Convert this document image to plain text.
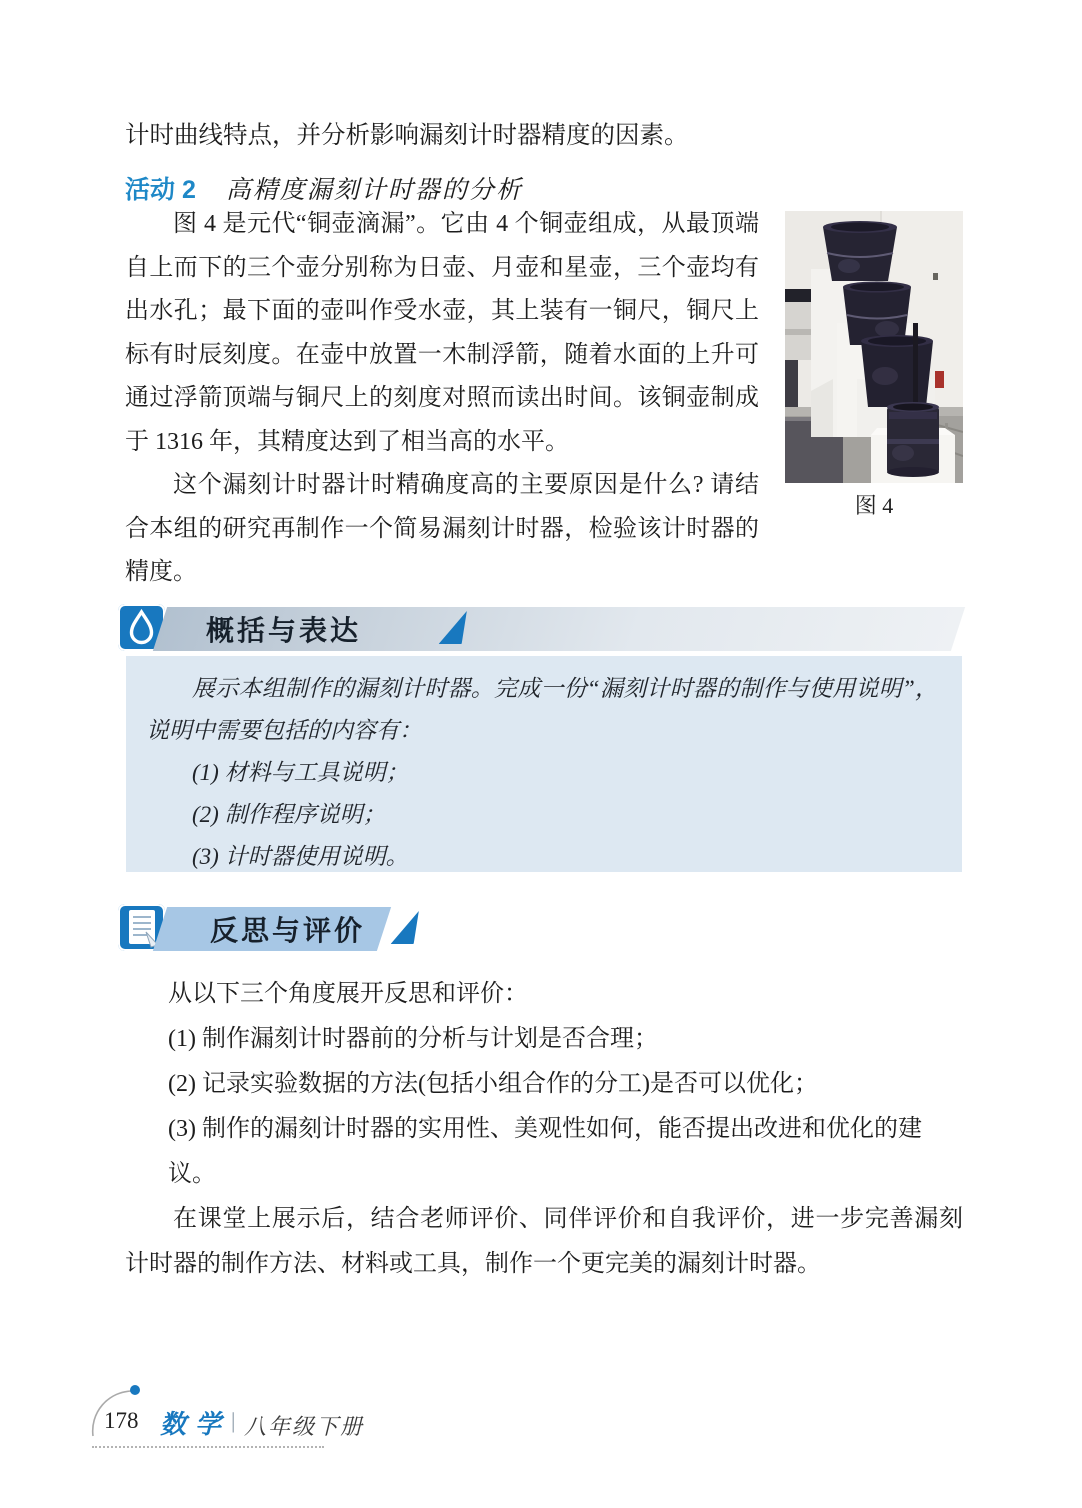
计时曲线特点，并分析影响漏刻计时器精度的因素。
活动 2 高精度漏刻计时器的分析
图 4

图 4 是元代“铜壶滴漏”。它由 4 个铜壶组成，从最顶端自上而下的三个壶分别称为日壶、月壶和星壶，三个壶均有出水孔；最下面的壶叫作受水壶，其上装有一铜尺，铜尺上标有时辰刻度。在壶中放置一木制浮箭，随着水面的上升可通过浮箭顶端与铜尺上的刻度对照而读出时间。该铜壶制成于 1316 年，其精度达到了相当高的水平。

这个漏刻计时器计时精确度高的主要原因是什么? 请结合本组的研究再制作一个简易漏刻计时器，检验该计时器的精度。

概括与表达

展示本组制作的漏刻计时器。完成一份“漏刻计时器的制作与使用说明”，说明中需要包括的内容有：

(1) 材料与工具说明；

(2) 制作程序说明；

(3) 计时器使用说明。

反思与评价

从以下三个角度展开反思和评价：

(1) 制作漏刻计时器前的分析与计划是否合理；

(2) 记录实验数据的方法(包括小组合作的分工)是否可以优化；

(3) 制作的漏刻计时器的实用性、美观性如何，能否提出改进和优化的建议。

在课堂上展示后，结合老师评价、同伴评价和自我评价，进一步完善漏刻计时器的制作方法、材料或工具，制作一个更完美的漏刻计时器。

178 数学 | 八年级下册
